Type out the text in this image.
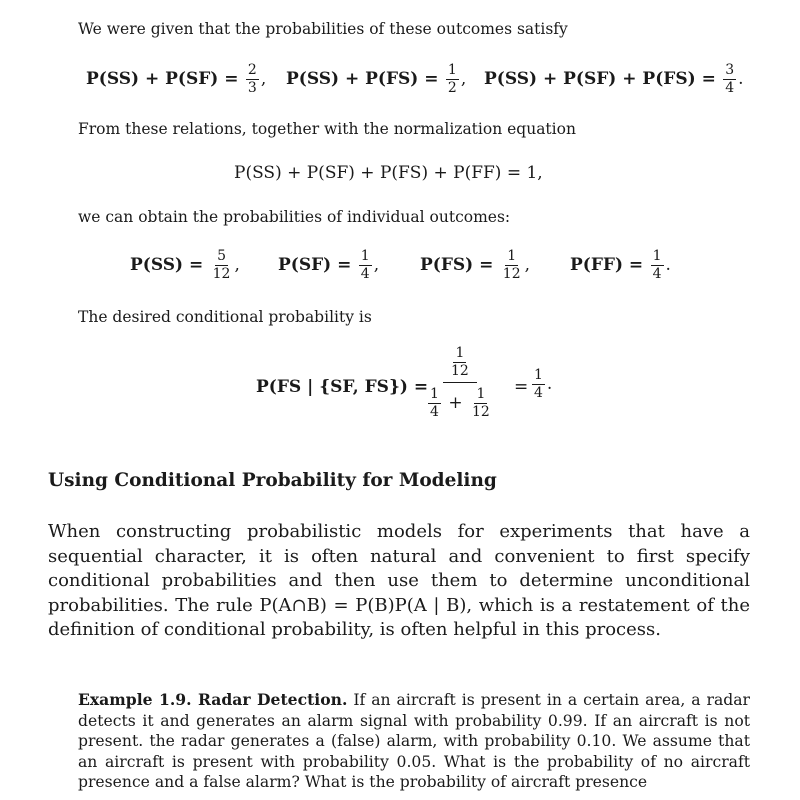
We were given that the probabilities of these outcomes satisfy

$P(SS) + P(SF) = \frac{2}{3}$ , $P(SS) + P(FS) = \frac{1}{2}$ , $P(SS) + P(SF) + P(FS) = \frac{3}{4}$ .

From these relations, together with the normalization equation

P(SS) + P(SF) + P(FS) + P(FF) = 1,

we can obtain the probabilities of individual outcomes:

$P(SS) = \frac{5}{12}$ , $P(SF) = \frac{1}{4}$ , $P(FS) = \frac{1}{12}$ , $P(FF) = \frac{1}{4}$ .

The desired conditional probability is

P(FS | {SF, FS}) =
$\frac{\frac{1}{12}}{\frac{1}{4} + \frac{1}{12}} = \frac{1}{4}$ .

Using Conditional Probability for Modeling

When constructing probabilistic models for experiments that have a sequential character, it is often natural and convenient to first specify conditional probabilities and then use them to determine unconditional probabilities. The rule P(A∩B) = P(B)P(A | B), which is a restatement of the definition of conditional probability, is often helpful in this process.

Example 1.9. Radar Detection. If an aircraft is present in a certain area, a radar detects it and generates an alarm signal with probability 0.99. If an aircraft is not present. the radar generates a (false) alarm, with probability 0.10. We assume that an aircraft is present with probability 0.05. What is the probability of no aircraft presence and a false alarm? What is the probability of aircraft presence
